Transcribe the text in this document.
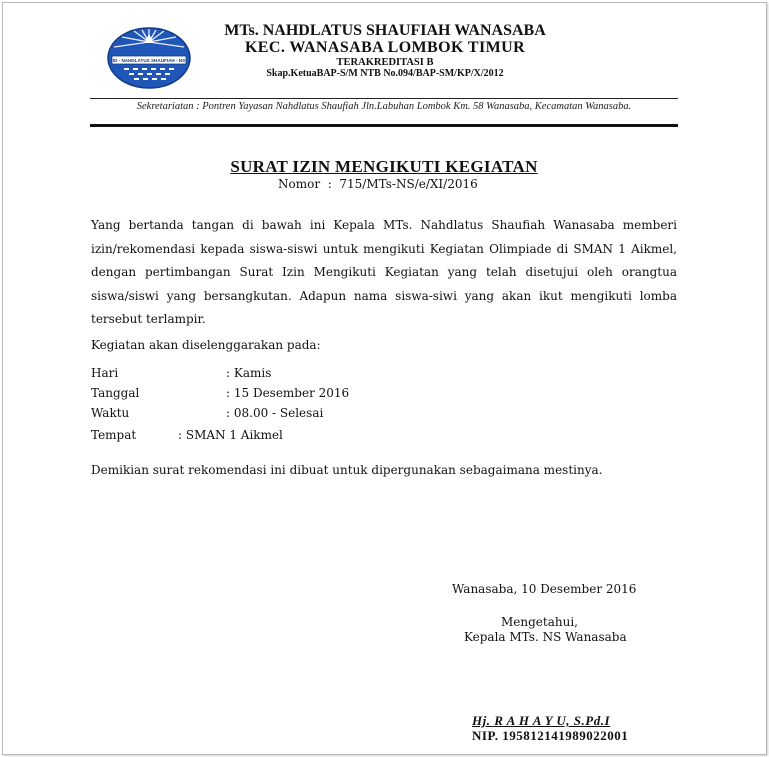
ID - NAHDLATUS SHAUFIAH - NS
MTs. NAHDLATUS SHAUFIAH WANASABA
KEC. WANASABA LOMBOK TIMUR
TERAKREDITASI B
Skap.KetuaBAP-S/M NTB No.094/BAP-SM/KP/X/2012
Sekretariatan : Pontren Yayasan Nahdlatus Shaufiah Jln.Labuhan Lombok Km. 58 Wanasaba, Kecamatan Wanasaba.
SURAT IZIN MENGIKUTI KEGIATAN
Nomor  :  715/MTs-NS/e/XI/2016
Yang bertanda tangan di bawah ini Kepala MTs. Nahdlatus Shaufiah Wanasaba memberi izin/rekomendasi kepada siswa-siswi untuk mengikuti Kegiatan Olimpiade di SMAN 1 Aikmel, dengan pertimbangan Surat Izin Mengikuti Kegiatan yang telah disetujui oleh orangtua siswa/siswi yang bersangkutan. Adapun nama siswa-siwi yang akan ikut mengikuti lomba tersebut terlampir.
Kegiatan akan diselenggarakan pada:
Hari	: Kamis
Tanggal	: 15 Desember 2016
Waktu	: 08.00 - Selesai
Tempat	: SMAN 1 Aikmel
Demikian surat rekomendasi ini dibuat untuk dipergunakan sebagaimana mestinya.
Wanasaba, 10 Desember 2016
Mengetahui,
Kepala MTs. NS Wanasaba
Hj. R A H A Y U, S.Pd.I
NIP. 195812141989022001
